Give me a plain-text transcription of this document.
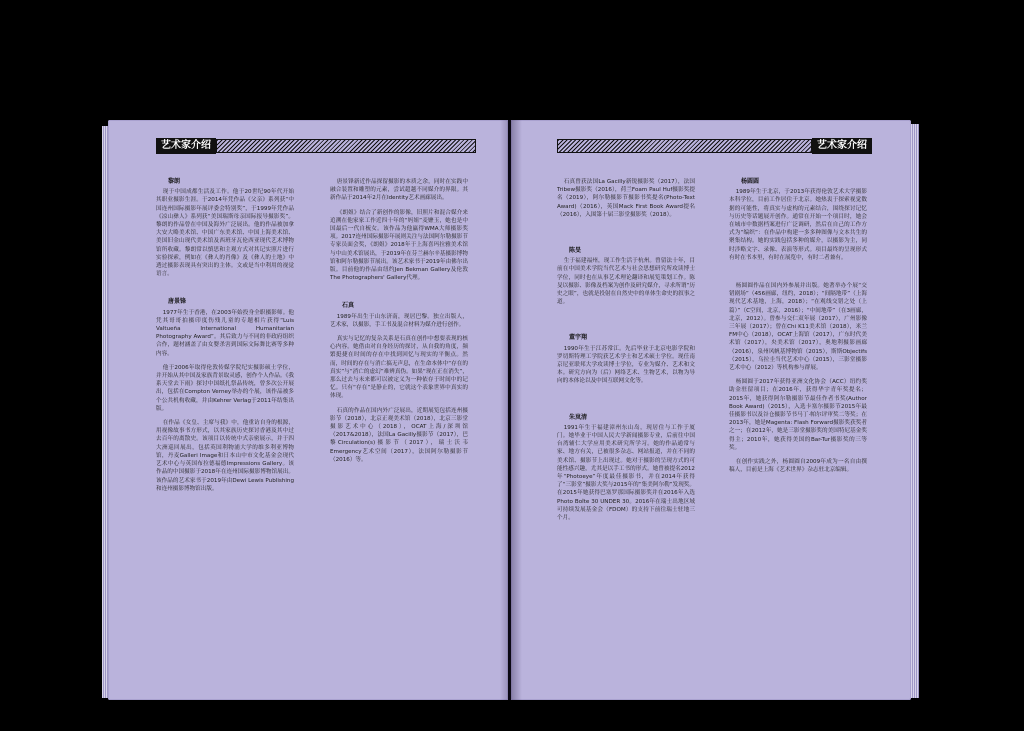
艺术家介绍
黎朗

现于中国成都生活及工作。他于20世纪90年代开始其职业摄影生涯。于2014年凭作品《父亲》系列获“中国连州国际摄影年展评委会特别奖”，于1999年凭作品《凉山彝人》系列获“美国瑞斯母亲国际报导摄影奖”。黎朗的作品曾在中国及海外广泛展出。他的作品被加拿大安大略美术馆、中国广东美术馆、中国上海美术馆、美国旧金山现代美术馆及西班牙瓦伦西亚现代艺术博物馆所收藏。黎朗常以慎思和主观方式对其记实照片进行实验探索，例如在《彝人的肖像》及《彝人的土地》中透过摄影表现具有突出的主体。文或是当中利用的视觉语言。

唐景锋

1977年生于香港，在2003年始投身全职摄影师。他凭其哥哥拍摄印度伤残儿童的专题相片获得“Luis Valtueña International Humanitarian Photography Award”。其后致力与不同的非政府组织合作，题材涵盖了由女婴杀害到国际文际舞比赛等多种内容。

他于2006年取得伦敦传媒学院纪实摄影硕士学位，并开始从其中国及家族背景取灵感，创作个人作品。《我系天堂去下雨》探讨中国纸扎祭品传统，曾多次公开展出，包括在Compton Verney举办的个展，该作品被多个公共机构收藏，并由Kehrer Verlag于2011年结集出版。

在作品《女皇、主席与我》中，他重访自身的根源，用视像故事书方形式，以其家族历史探讨香港及其中过去百年的离散史。该项目以传统中式亲密展示，并于四大洲巡回展出，包括英国利物浦大学的维多利亚博物馆，丹麦Galleri Image和日本山中市文化基金会现代艺术中心与英国布拉德福德Impressions Gallery。该作品的中国摄影于2018年在连州国际摄影博物馆展出。该作品的艺术家书于2019年由Dewi Lewis Publishing和连州摄影博物馆出版。

唐景锋新近作品探留摄影的本质之余，同时在实践中融合装置和雕塑的元素，尝试超越不同媒介的界限。其新作品于2014年2月在Identity艺术画廊展出。

《朗姐》结合了新创作的影像，旧照片和混合媒介来追溯在他家家工作近四十年的“妈姐”麦嬷玉，她也是中国最后一代自梳女。该作品为他赢得WMA大师摄影奖项。2017连州国际摄影年展则关注与法国阿尔勒摄影节专家员面会奖，《朗姐》2018年于上海喜玛拉雅美术馆与中山美术馆展出，于2019年在芬兰赫尔辛基摄影博物馆和阿尔勒摄影节展出。该艺术家书于2019年由佛尔出版。目前他的作品由纽约Jen Bekman Gallery及伦敦The Photographers' Gallery代理。

石真

1989年出生于山东济南，现居巴黎。独立出版人，艺术家，以摄影，手工书及混合材料为媒介进行创作。

真实与记忆的复杂关系是石真在创作中想要表现的核心内容。她借由对自身经历的探讨，从自我的角度，频繁挺捷在时间的存在中找到回忆与现实的平衡点。然而，时间的存在与消亡搞无声息，在生命本体中“存在的真实”与“消亡的虚幻”难辨真伪。如果“现在正在消失”，那么过去与未来都可以被定义为一种依存于时间中的记忆。只有“存在”是静止的，它就这个表象世界中真实的体现。

石真的作品在国内外广泛展出，近期展览包括连州摄影节（2018），北京正观美术馆（2018），北京三影堂摄影艺术中心（2018），OCAT上海/深圳馆（2017&2018），法国La Gacilly摄影节（2017），巴黎Circulation(s)摄影节（2017），瑞士沃韦Emergency艺术空间（2017），法国阿尔勒摄影节（2016）等。

艺术家介绍

石真曾获法国La Gacilly新锐摄影奖（2017），法国Tribew摄影奖（2016），荷兰Foam Paul Huf摄影奖提名（2019），阿尔勒摄影节摄影书奖提名(Photo-Text Award)（2016），英国Mack First Book Award提名（2016），入围第十届三影堂摄影奖（2018）。

陈旻

生于福建福州，现工作生活于杭州。曾留法十年，目前在中国美术学院当代艺术与社会思想研究所攻读博士学位，同时也在从事艺术理论翻译和展览策划工作。陈旻以摄影、影像及档案为创作及研究媒介，寻求所谓“历史之眼”，也就是投射在自然史中的单体生命史的叙事之道。

董宇翔

1990年生于江苏常江。先后毕业于北京电影学院和罗切斯特理工学院获艺术学士和艺术硕士学位。现任南京尼亚联邦大学攻读博士学位，专业为媒介、艺术和文本。研究方向为（后）网络艺术、生物艺术，以物为导向的本体论以及中国互联网文化等。

朱岚清

1991年生于福建漳州东山岛，现居住与工作于厦门。她毕业于中国人民大学新闻摄影专业，后前往中国台湾辅仁大学应用美术研究所学习。她的作品通常与家、地方有关，已被很多杂志、网站报道，并在不同的美术馆、摄影节上出现过。她对于摄影的呈现方式的可能性感兴趣，尤其是以手工书的形式。她曾被提名2012年“Photoeye”年度最佳摄影书，并在2014年获得了“三影堂”摄影大奖与2015年的“集美阿尔勒”发现奖。在2015年她获得巴塞罗那国际摄影奖并在2016年入选Photo Boîte 30 UNDER 30。2016年在瑞士出地区域可持续发展基金会（FDOM）的支持下前往瑞士驻地三个月。

杨圆圆

1989年生于北京，于2013年获得伦敦艺术大学摄影本科学位，目前工作居住于北京。她热衷于探索视觉数据的可能性，将真实与虚构的元素结合，围绕探讨记忆与历史等话题展开创作。通常在开始一个项目时，她会在城市中数据档案进行广泛调研，然后在自己的工作方式为“编织”：在作品中构建一多多种图像与文本共生的聚集结构。她的实践包括多种的媒介，以摄影为主，同时涉略文字、录像、表演等形式。项目最终的呈现形式有时在书本里，有时在展览中，有时二者兼有。

杨圆圆作品在国内外参展并出版。她著举办个展“交错剧场”（456画廊，纽约，2018）；“间隔地带”（上海现代艺术基地，上海，2018）；“在观线交错之处（上篇）”（C空间，北京，2016）；“中间地带”（在3画廊，北京，2012）。曾参与交仁双年展（2017），广州影像三年展（2017）；曾在Chi K11美术馆（2018），米兰FM中心（2018），OCAT上海馆（2017），广东时代美术馆（2017），央美术馆（2017），奥地利摄影画廊（2016），泉州风帆基博物馆（2015），斯斯Objectifs（2015），乌拉圭当代艺术中心（2015），三影堂摄影艺术中心（2012）等机构参与群展。

杨圆圆于2017年获得亚洲文化协会（ACC）纽约奖助金驻留项目；在2016年，获得华宇青年奖提名；2015年，她获得阿尔勒摄影节最佳作者书奖(Author Book Award)（2015），入选卡塞尔摄影节2015年最佳摄影书以及谷仓摄影节书马丁·帕尔评审奖二等奖；在2013年，她是Magenta: Flash Forward摄影奖获奖者之一；在2012年，她是三影堂摄影奖的美国特尼基金奖得主；2010年，她获得美国的Bar-Tur摄影奖的三等奖。

在创作实践之外，杨圆圆自2009年成为一名自由撰稿人，目前是上海《艺术世界》杂志驻北京编辑。
